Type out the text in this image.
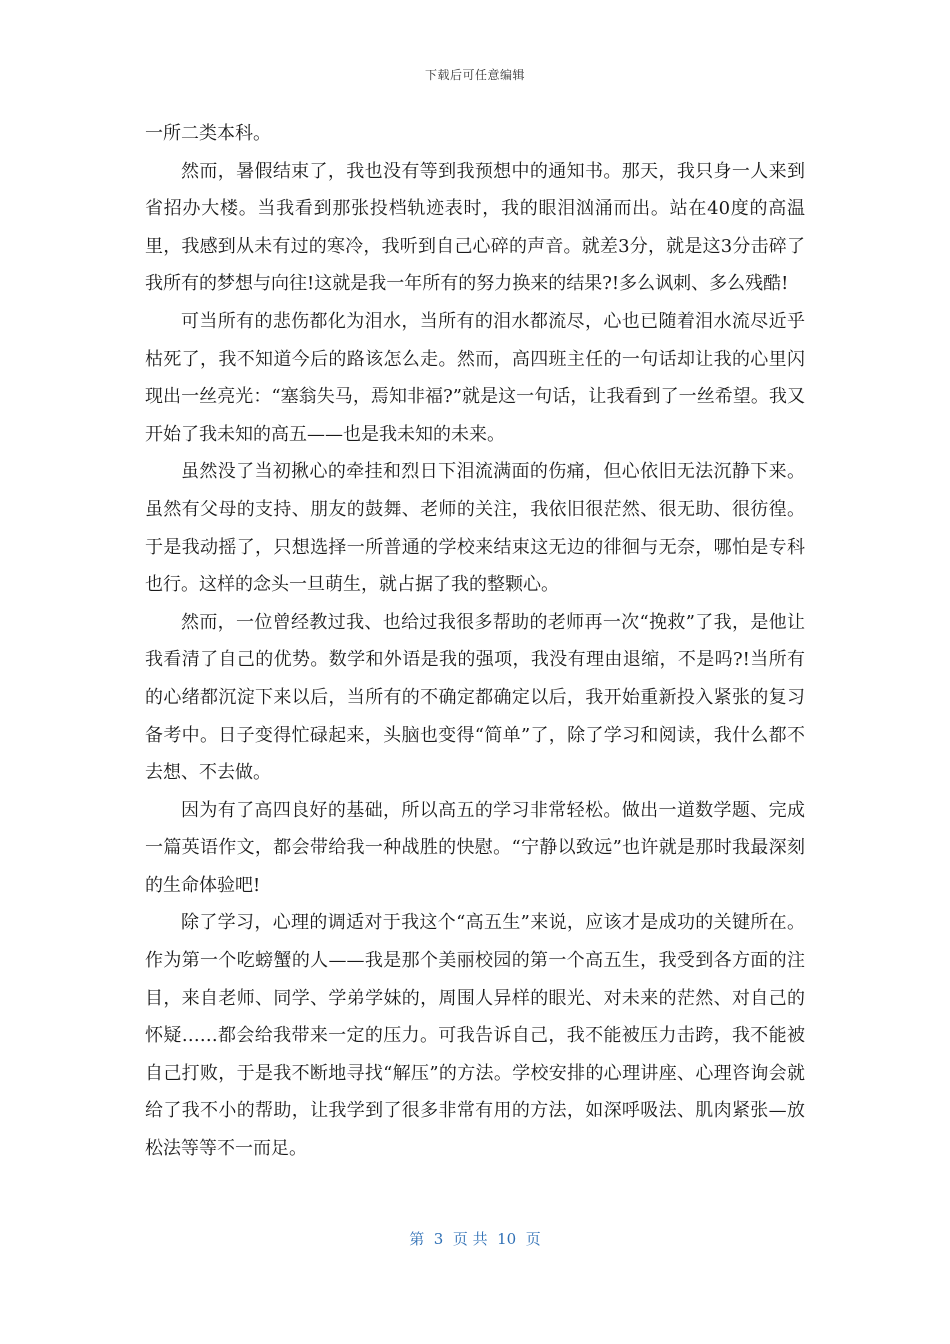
下载后可任意编辑

一所二类本科。

然而，暑假结束了，我也没有等到我预想中的通知书。那天，我只身一人来到省招办大楼。当我看到那张投档轨迹表时，我的眼泪汹涌而出。站在40度的高温里，我感到从未有过的寒冷，我听到自己心碎的声音。就差3分，就是这3分击碎了我所有的梦想与向往!这就是我一年所有的努力换来的结果?!多么讽刺、多么残酷!

可当所有的悲伤都化为泪水，当所有的泪水都流尽，心也已随着泪水流尽近乎枯死了，我不知道今后的路该怎么走。然而，高四班主任的一句话却让我的心里闪现出一丝亮光：“塞翁失马，焉知非福?”就是这一句话，让我看到了一丝希望。我又开始了我未知的高五——也是我未知的未来。

虽然没了当初揪心的牵挂和烈日下泪流满面的伤痛，但心依旧无法沉静下来。虽然有父母的支持、朋友的鼓舞、老师的关注，我依旧很茫然、很无助、很彷徨。于是我动摇了，只想选择一所普通的学校来结束这无边的徘徊与无奈，哪怕是专科也行。这样的念头一旦萌生，就占据了我的整颗心。

然而，一位曾经教过我、也给过我很多帮助的老师再一次“挽救”了我，是他让我看清了自己的优势。数学和外语是我的强项，我没有理由退缩，不是吗?!当所有的心绪都沉淀下来以后，当所有的不确定都确定以后，我开始重新投入紧张的复习备考中。日子变得忙碌起来，头脑也变得“简单”了，除了学习和阅读，我什么都不去想、不去做。

因为有了高四良好的基础，所以高五的学习非常轻松。做出一道数学题、完成一篇英语作文，都会带给我一种战胜的快慰。“宁静以致远”也许就是那时我最深刻的生命体验吧!

除了学习，心理的调适对于我这个“高五生”来说，应该才是成功的关键所在。作为第一个吃螃蟹的人——我是那个美丽校园的第一个高五生，我受到各方面的注目，来自老师、同学、学弟学妹的，周围人异样的眼光、对未来的茫然、对自己的怀疑……都会给我带来一定的压力。可我告诉自己，我不能被压力击跨，我不能被自己打败，于是我不断地寻找“解压”的方法。学校安排的心理讲座、心理咨询会就给了我不小的帮助，让我学到了很多非常有用的方法，如深呼吸法、肌肉紧张—放松法等等不一而足。

第  3  页 共  10  页
